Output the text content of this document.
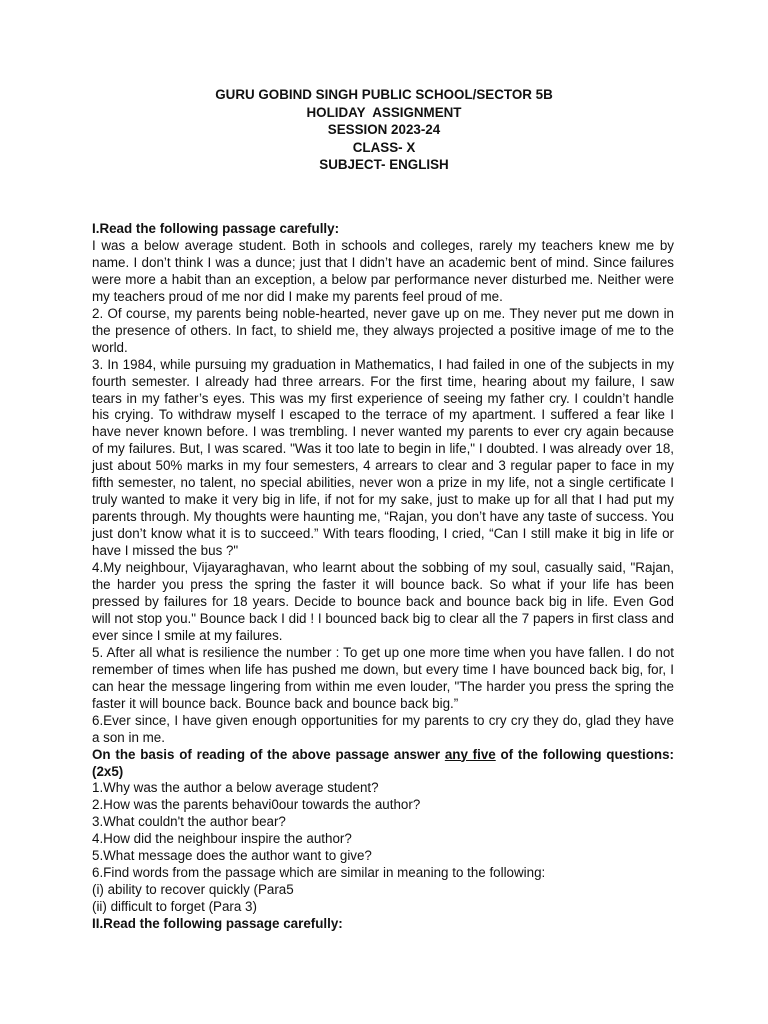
GURU GOBIND SINGH PUBLIC SCHOOL/SECTOR 5B
HOLIDAY  ASSIGNMENT
SESSION 2023-24
CLASS- X
SUBJECT- ENGLISH

I.Read the following passage carefully:

I was a below average student. Both in schools and colleges, rarely my teachers knew me by name. I don’t think I was a dunce; just that I didn’t have an academic bent of mind. Since failures were more a habit than an exception, a below par performance never disturbed me. Neither were my teachers proud of me nor did I make my parents feel proud of me.

2. Of course, my parents being noble-hearted, never gave up on me. They never put me down in the presence of others. In fact, to shield me, they always projected a positive image of me to the world.

3. In 1984, while pursuing my graduation in Mathematics, I had failed in one of the subjects in my fourth semester. I already had three arrears. For the first time, hearing about my failure, I saw tears in my father’s eyes. This was my first experience of seeing my father cry. I couldn’t handle his crying. To withdraw myself I escaped to the terrace of my apartment. I suffered a fear like I have never known before. I was trembling. I never wanted my parents to ever cry again because of my failures. But, I was scared. "Was it too late to begin in life," I doubted. I was already over 18, just about 50% marks in my four semesters, 4 arrears to clear and 3 regular paper to face in my fifth semester, no talent, no special abilities, never won a prize in my life, not a single certificate I truly wanted to make it very big in life, if not for my sake, just to make up for all that I had put my parents through. My thoughts were haunting me, “Rajan, you don’t have any taste of success. You just don’t know what it is to succeed.” With tears flooding, I cried, “Can I still make it big in life or have I missed the bus ?"

4.My neighbour, Vijayaraghavan, who learnt about the sobbing of my soul, casually said, "Rajan, the harder you press the spring the faster it will bounce back. So what if your life has been pressed by failures for 18 years. Decide to bounce back and bounce back big in life. Even God will not stop you." Bounce back I did ! I bounced back big to clear all the 7 papers in first class and ever since I smile at my failures.

5. After all what is resilience the number : To get up one more time when you have fallen. I do not remember of times when life has pushed me down, but every time I have bounced back big, for, I can hear the message lingering from within me even louder, "The harder you press the spring the faster it will bounce back. Bounce back and bounce back big.”

6.Ever since, I have given enough opportunities for my parents to cry cry they do, glad they have a son in me.

On the basis of reading of the above passage answer any five of the following questions: (2x5)

1.Why was the author a below average student?

2.How was the parents behavi0our towards the author?

3.What couldn't the author bear?

4.How did the neighbour inspire the author?

5.What message does the author want to give?

6.Find words from the passage which are similar in meaning to the following:

(i) ability to recover quickly (Para5

(ii) difficult to forget (Para 3)

II.Read the following passage carefully:
